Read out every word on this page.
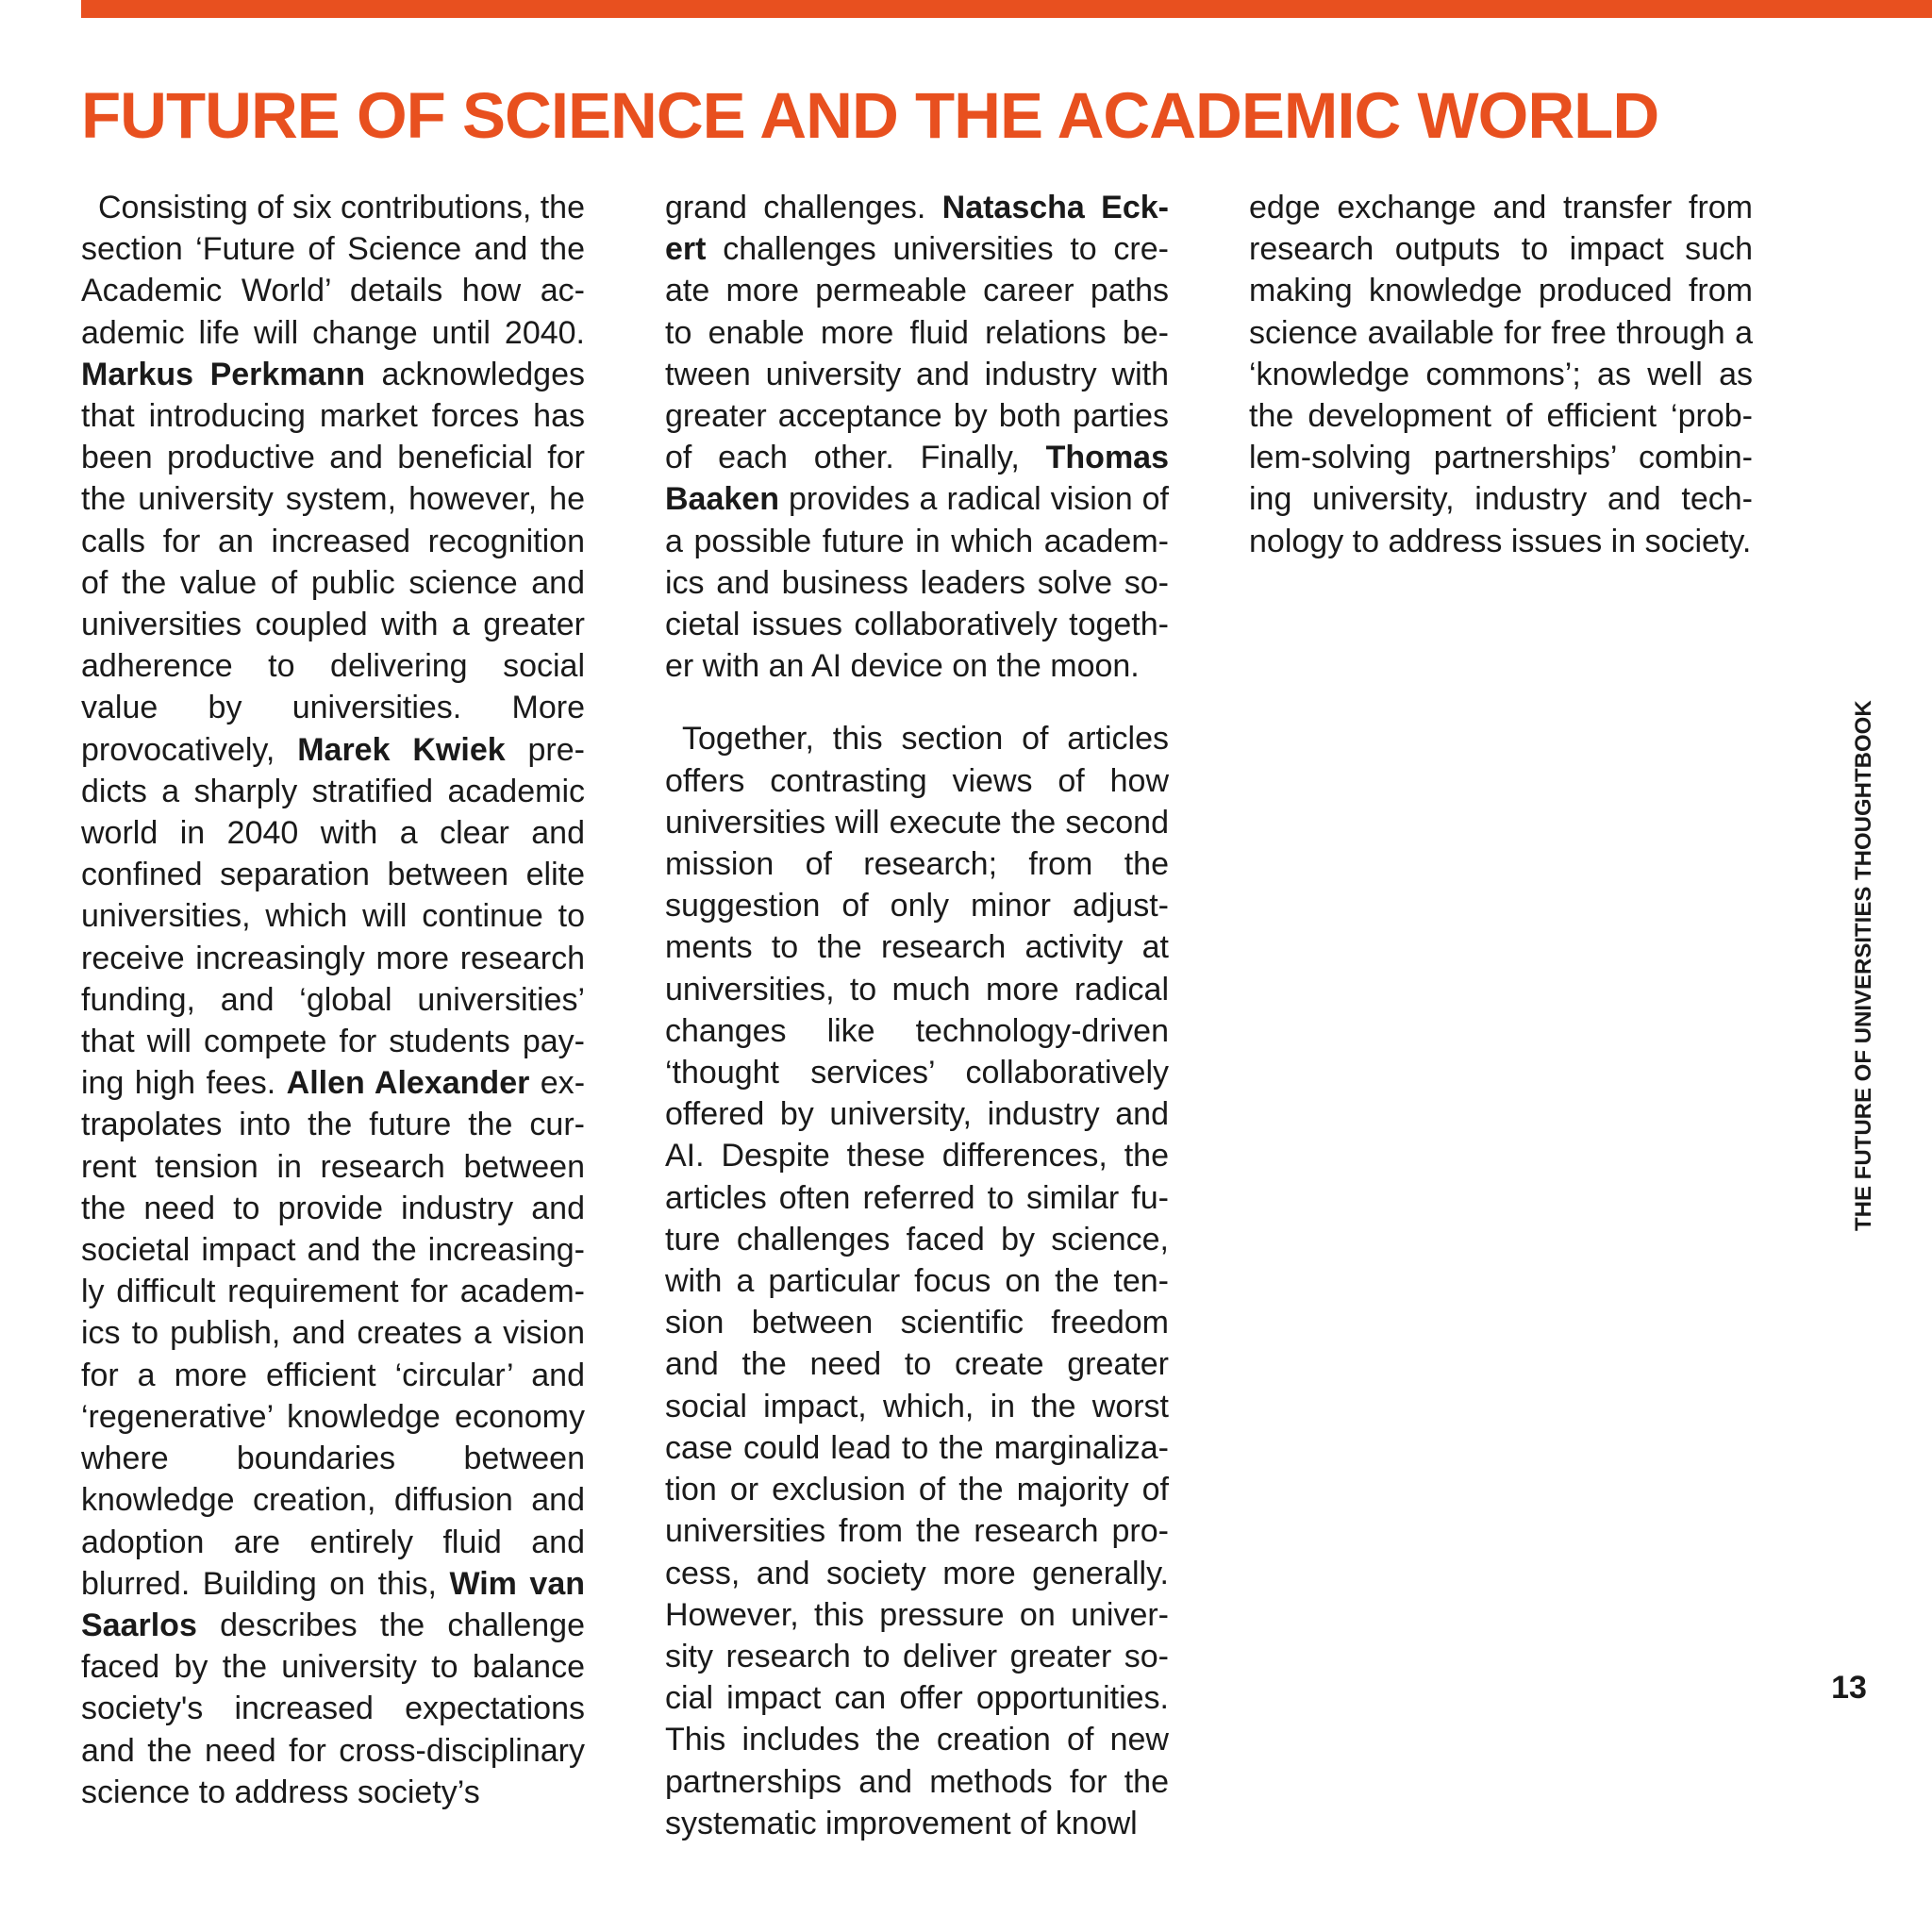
FUTURE OF SCIENCE AND THE ACADEMIC WORLD

Consisting of six contributions, the section ‘Future of Science and the Academic World’ details how academic life will change until 2040. Markus Perkmann acknowledges that introducing market forces has been productive and beneficial for the university system, however, he calls for an increased recognition of the value of public science and universities coupled with a greater adherence to delivering social value by universities. More provocatively, Marek Kwiek predicts a sharply stratified academic world in 2040 with a clear and confined separation between elite universities, which will continue to receive increasingly more research funding, and ‘global universities’ that will compete for students paying high fees. Allen Alexander extrapolates into the future the current tension in research between the need to provide industry and societal impact and the increasingly difficult requirement for academics to publish, and creates a vision for a more efficient ‘circular’ and ‘regenerative’ knowledge economy where boundaries between knowledge creation, diffusion and adoption are entirely fluid and blurred. Building on this, Wim van Saarlos describes the challenge faced by the university to balance society's increased expectations and the need for cross-disciplinary science to address society’s

grand challenges. Natascha Eckert challenges universities to create more permeable career paths to enable more fluid relations between university and industry with greater acceptance by both parties of each other. Finally, Thomas Baaken provides a radical vision of a possible future in which academics and business leaders solve societal issues collaboratively together with an AI device on the moon.

Together, this section of articles offers contrasting views of how universities will execute the second mission of research; from the suggestion of only minor adjustments to the research activity at universities, to much more radical changes like technology-driven ‘thought services’ collaboratively offered by university, industry and AI. Despite these differences, the articles often referred to similar future challenges faced by science, with a particular focus on the tension between scientific freedom and the need to create greater social impact, which, in the worst case could lead to the marginalization or exclusion of the majority of universities from the research process, and society more generally. However, this pressure on university research to deliver greater social impact can offer opportunities. This includes the creation of new partnerships and methods for the systematic improvement of knowl

edge exchange and transfer from research outputs to impact such making knowledge produced from science available for free through a ‘knowledge commons’; as well as the development of efficient ‘problem-solving partnerships’ combining university, industry and technology to address issues in society.

THE FUTURE OF UNIVERSITIES THOUGHTBOOK
13
